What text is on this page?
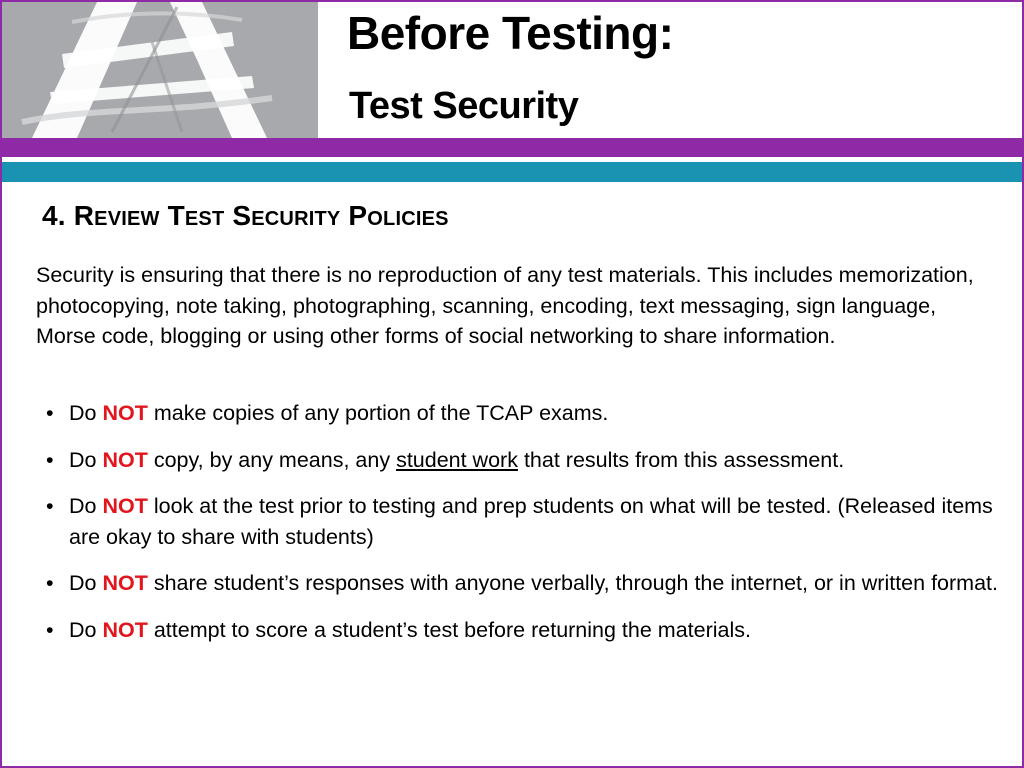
Before Testing:
Test Security
4. Review Test Security Policies

Security is ensuring that there is no reproduction of any test materials. This includes memorization, photocopying, note taking, photographing, scanning, encoding, text messaging, sign language, Morse code, blogging or using other forms of social networking to share information.

• Do NOT make copies of any portion of the TCAP exams.
• Do NOT copy, by any means, any student work that results from this assessment.
• Do NOT look at the test prior to testing and prep students on what will be tested. (Released items are okay to share with students)
• Do NOT share student’s responses with anyone verbally, through the internet, or in written format.
• Do NOT attempt to score a student’s test before returning the materials.
